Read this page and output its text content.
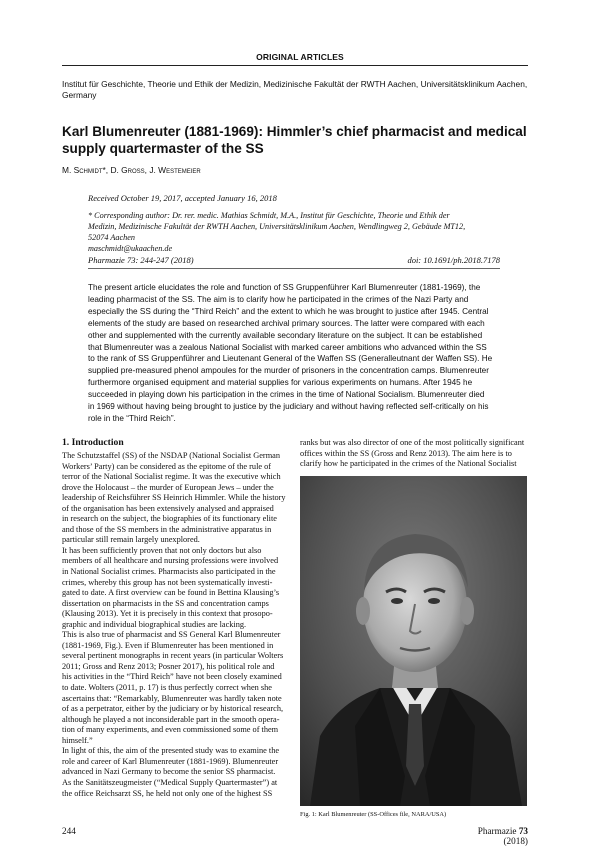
ORIGINAL ARTICLES
Institut für Geschichte, Theorie und Ethik der Medizin, Medizinische Fakultät der RWTH Aachen, Universitätsklinikum Aachen, Germany
Karl Blumenreuter (1881-1969): Himmler’s chief pharmacist and medical supply quartermaster of the SS
M. Schmidt*, D. Gross, J. Westemeier
Received October 19, 2017, accepted January 16, 2018
* Corresponding author: Dr. rer. medic. Mathias Schmidt, M.A., Institut für Geschichte, Theorie und Ethik der
Medizin, Medizinische Fakultät der RWTH Aachen, Universitätsklinikum Aachen, Wendlingweg 2, Gebäude MT12,
52074 Aachen
maschmidt@ukaachen.de
Pharmazie 73: 244-247 (2018)	doi: 10.1691/ph.2018.7178
The present article elucidates the role and function of SS Gruppenführer Karl Blumenreuter (1881-1969), the
leading pharmacist of the SS. The aim is to clarify how he participated in the crimes of the Nazi Party and
especially the SS during the “Third Reich” and the extent to which he was brought to justice after 1945. Central
elements of the study are based on researched archival primary sources. The latter were compared with each
other and supplemented with the currently available secondary literature on the subject. It can be established
that Blumenreuter was a zealous National Socialist with marked career ambitions who advanced within the SS
to the rank of SS Gruppenführer and Lieutenant General of the Waffen SS (Generalleutnant der Waffen SS). He
supplied pre-measured phenol ampoules for the murder of prisoners in the concentration camps. Blumenreuter
furthermore organised equipment and material supplies for various experiments on humans. After 1945 he
succeeded in playing down his participation in the crimes in the time of National Socialism. Blumenreuter died
in 1969 without having being brought to justice by the judiciary and without having reflected self-critically on his
role in the “Third Reich”.
1. Introduction

The Schutzstaffel (SS) of the NSDAP (National Socialist German

Workers’ Party) can be considered as the epitome of the rule of

terror of the National Socialist regime. It was the executive which

drove the Holocaust – the murder of European Jews – under the

leadership of Reichsführer SS Heinrich Himmler. While the history

of the organisation has been extensively analysed and appraised

in research on the subject, the biographies of its functionary elite

and those of the SS members in the administrative apparatus in

particular still remain largely unexplored.

It has been sufficiently proven that not only doctors but also

members of all healthcare and nursing professions were involved

in National Socialist crimes. Pharmacists also participated in the

crimes, whereby this group has not been systematically investi-

gated to date. A first overview can be found in Bettina Klausing’s

dissertation on pharmacists in the SS and concentration camps

(Klausing 2013). Yet it is precisely in this context that prosopo-

graphic and individual biographical studies are lacking.

This is also true of pharmacist and SS General Karl Blumenreuter

(1881-1969, Fig.). Even if Blumenreuter has been mentioned in

several pertinent monographs in recent years (in particular Wolters

2011; Gross and Renz 2013; Posner 2017), his political role and

his activities in the “Third Reich” have not been closely examined

to date. Wolters (2011, p. 17) is thus perfectly correct when she

ascertains that: “Remarkably, Blumenreuter was hardly taken note

of as a perpetrator, either by the judiciary or by historical research,

although he played a not inconsiderable part in the smooth opera-

tion of many experiments, and even commissioned some of them

himself.”

In light of this, the aim of the presented study was to examine the

role and career of Karl Blumenreuter (1881-1969). Blumenreuter

advanced in Nazi Germany to become the senior SS pharmacist.

As the Sanitätszeugmeister (“Medical Supply Quartermaster”) at

the office Reichsarzt SS, he held not only one of the highest SS

ranks but was also director of one of the most politically significant

offices within the SS (Gross and Renz 2013). The aim here is to

clarify how he participated in the crimes of the National Socialist

Fig. 1: Karl Blumenreuter (SS-Offices file, NARA/USA)
244	Pharmazie 73 (2018)
